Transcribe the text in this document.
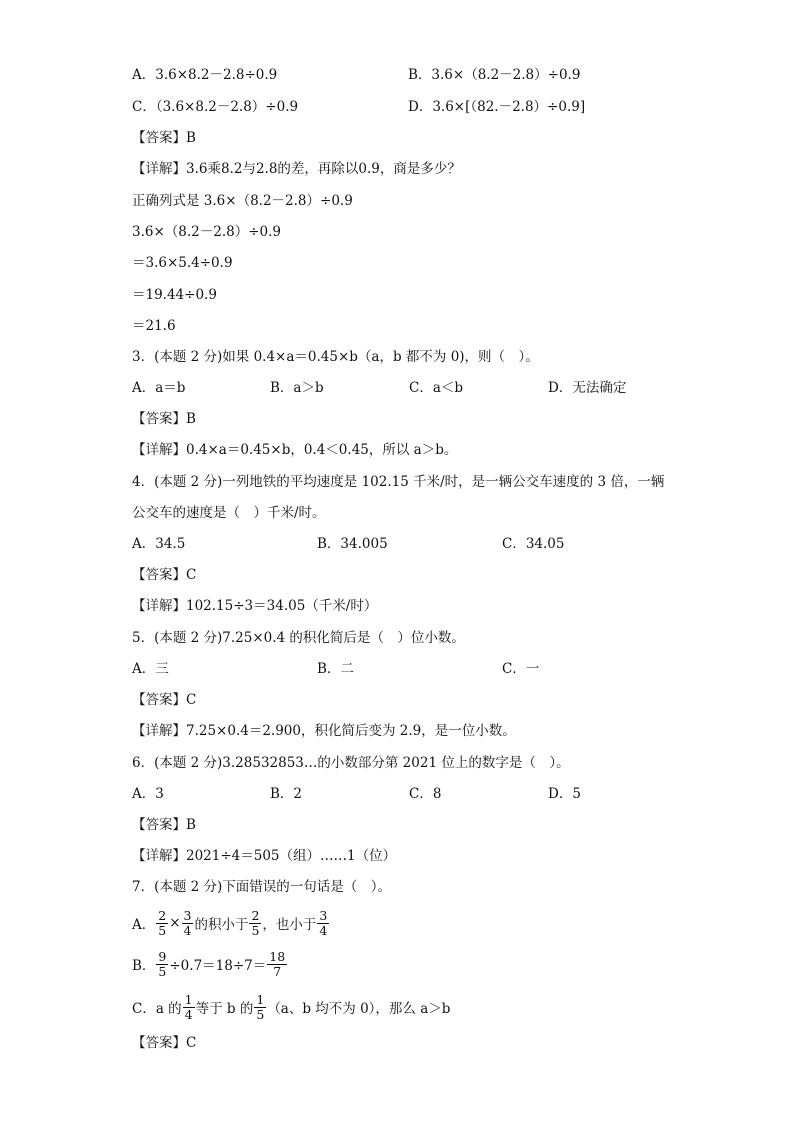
A．3.6×8.2－2.8÷0.9	B．3.6×（8.2－2.8）÷0.9
C．（3.6×8.2－2.8）÷0.9	D．3.6×[（82.－2.8）÷0.9]
【答案】B
【详解】3.6乘8.2与2.8的差，再除以0.9，商是多少？
正确列式是 3.6×（8.2－2.8）÷0.9
3.6×（8.2－2.8）÷0.9
＝3.6×5.4÷0.9
＝19.44÷0.9
＝21.6
3．(本题 2 分)如果 0.4×a＝0.45×b（a，b 都不为 0)，则（　）。
A．a＝b	B．a＞b	C．a＜b	D．无法确定
【答案】B
【详解】0.4×a＝0.45×b，0.4＜0.45，所以 a＞b。
4．(本题 2 分)一列地铁的平均速度是 102.15 千米/时，是一辆公交车速度的 3 倍，一辆
公交车的速度是（　）千米/时。
A．34.5	B．34.005	C．34.05
【答案】C
【详解】102.15÷3＝34.05（千米/时）
5．(本题 2 分)7.25×0.4 的积化简后是（　）位小数。
A．三	B．二	C．一
【答案】C
【详解】7.25×0.4＝2.900，积化简后变为 2.9，是一位小数。
6．(本题 2 分)3.28532853…的小数部分第 2021 位上的数字是（　）。
A．3	B．2	C．8	D．5
【答案】B
【详解】2021÷4＝505（组）……1（位）
7．(本题 2 分)下面错误的一句话是（　）。
A． $\frac{2}{5} \times \frac{3}{4}$ 的积小于 $\frac{2}{5}$ ，也小于 $\frac{3}{4}$
B． $\frac{9}{5} \div 0.7=18\div 7= \frac{18}{7}$
C．a 的 $\frac{1}{4}$ 等于 b 的 $\frac{1}{5} (a$、b 均不为 0），那么 a＞b
【答案】C
